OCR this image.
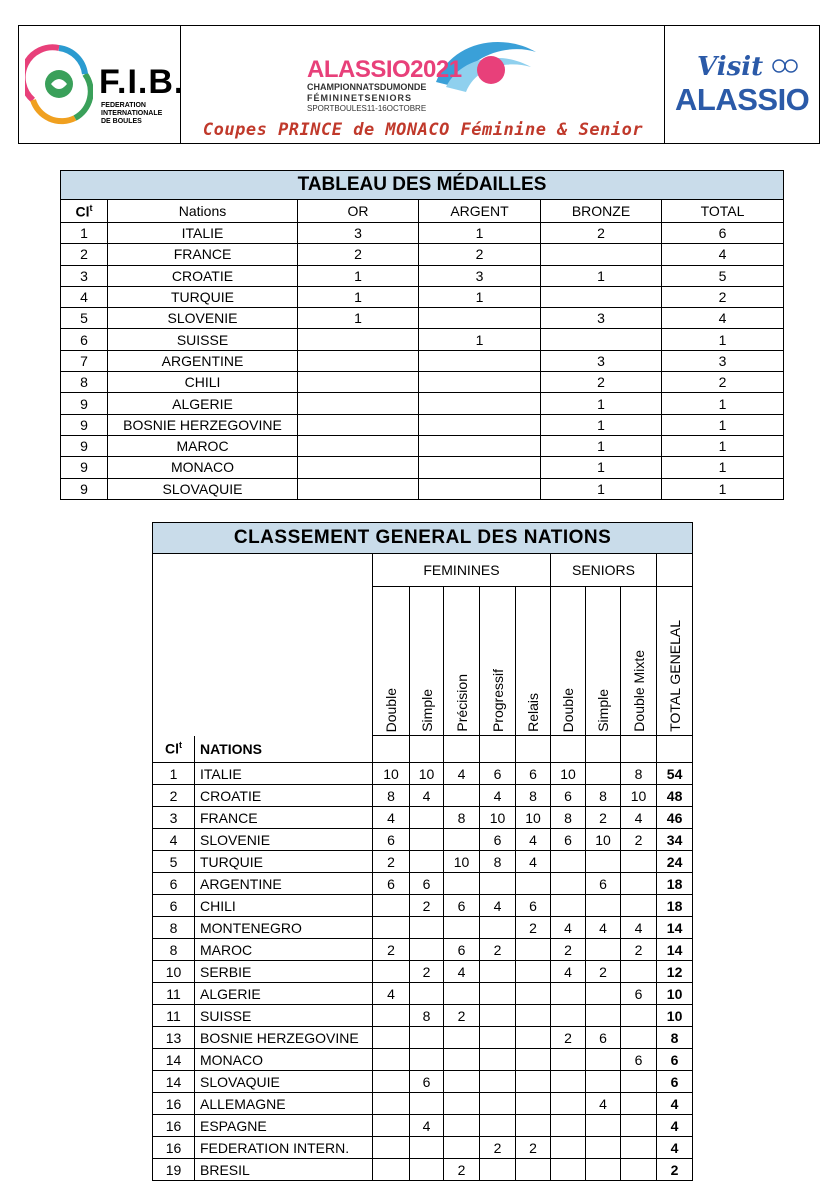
F.I.B.
FEDERATION
INTERNATIONALE
DE BOULES
ALASSIO2021
CHAMPIONNATSDUMONDE
FÉMININETSENIORS
SPORTBOULES11-16OCTOBRE
Coupes PRINCE de MONACO Féminine & Senior
Visit
ALASSIO
TABLEAU DES MÉDAILLES					
Cl$^t$	Nations	OR	ARGENT	BRONZE	TOTAL
1	ITALIE	3	1	2	6
2	FRANCE	2	2		4
3	CROATIE	1	3	1	5
4	TURQUIE	1	1		2
5	SLOVENIE	1		3	4
6	SUISSE		1		1
7	ARGENTINE			3	3
8	CHILI			2	2
9	ALGERIE			1	1
9	BOSNIE HERZEGOVINE			1	1
9	MAROC			1	1
9	MONACO			1	1
9	SLOVAQUIE			1	1
CLASSEMENT GENERAL DES NATIONS										
		FEMININES					SENIORS			
		Double	Simple	Précision	Progressif	Relais	Double	Simple	Double Mixte	TOTAL GENELAL
Cl$^t$	NATIONS									
1	ITALIE	10	10	4	6	6	10		8	54
2	CROATIE	8	4		4	8	6	8	10	48
3	FRANCE	4		8	10	10	8	2	4	46
4	SLOVENIE	6			6	4	6	10	2	34
5	TURQUIE	2		10	8	4				24
6	ARGENTINE	6	6					6		18
6	CHILI		2	6	4	6				18
8	MONTENEGRO					2	4	4	4	14
8	MAROC	2		6	2		2		2	14
10	SERBIE		2	4			4	2		12
11	ALGERIE	4							6	10
11	SUISSE		8	2						10
13	BOSNIE HERZEGOVINE						2	6		8
14	MONACO								6	6
14	SLOVAQUIE		6							6
16	ALLEMAGNE							4		4
16	ESPAGNE		4							4
16	FEDERATION INTERN.				2	2				4
19	BRESIL			2						2
